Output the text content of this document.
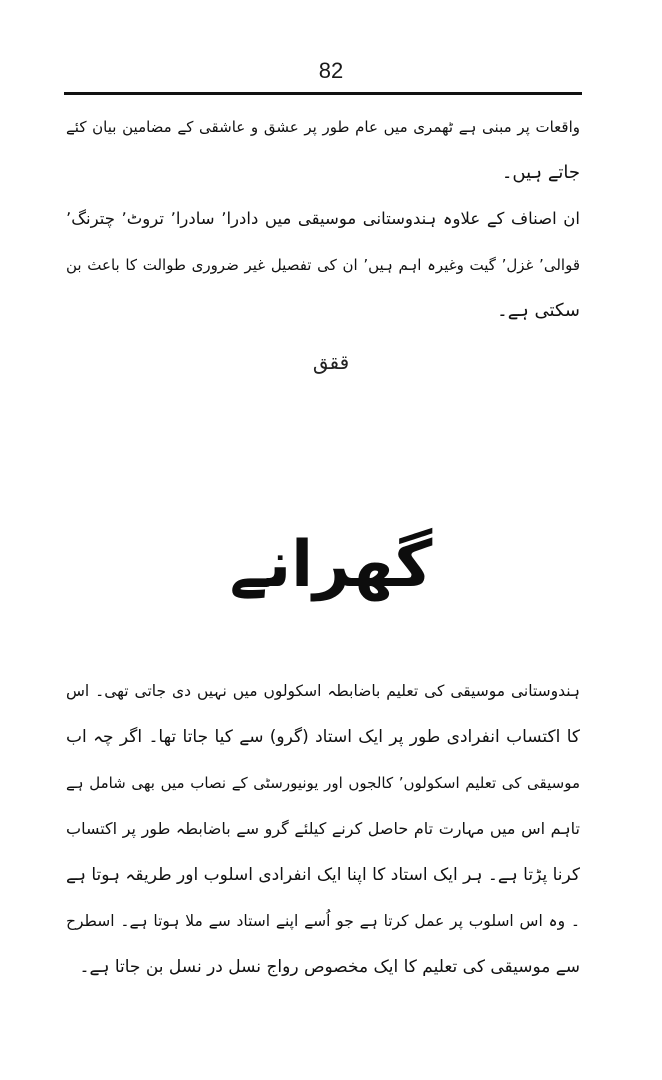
82
واقعات پر مبنی ہے ٹھمری میں عام طور پر عشق و عاشقی کے مضامین بیان کئے
جاتے ہیں۔
ان اصناف کے علاوہ ہندوستانی موسیقی میں دادرا٬ سادرا٬ تروٹ٬ چترنگ٬
قوالی٬ غزل٬ گیت وغیرہ اہم ہیں٬ ان کی تفصیل غیر ضروری طوالت کا باعث بن
سکتی ہے۔
ققق
گھرانے
ہندوستانی موسیقی کی تعلیم باضابطہ اسکولوں میں نہیں دی جاتی تھی۔ اس
کا اکتساب انفرادی طور پر ایک استاد (گرو) سے کیا جاتا تھا۔ اگر چہ اب
موسیقی کی تعلیم اسکولوں٬ کالجوں اور یونیورسٹی کے نصاب میں بھی شامل ہے
تاہم اس میں مہارت تام حاصل کرنے کیلئے گرو سے باضابطہ طور پر اکتساب
کرنا پڑتا ہے۔ ہر ایک استاد کا اپنا ایک انفرادی اسلوب اور طریقہ ہوتا ہے
۔ وہ اس اسلوب پر عمل کرتا ہے جو اُسے اپنے استاد سے ملا ہوتا ہے۔ اسطرح
سے موسیقی کی تعلیم کا ایک مخصوص رواج نسل در نسل بن جاتا ہے۔
